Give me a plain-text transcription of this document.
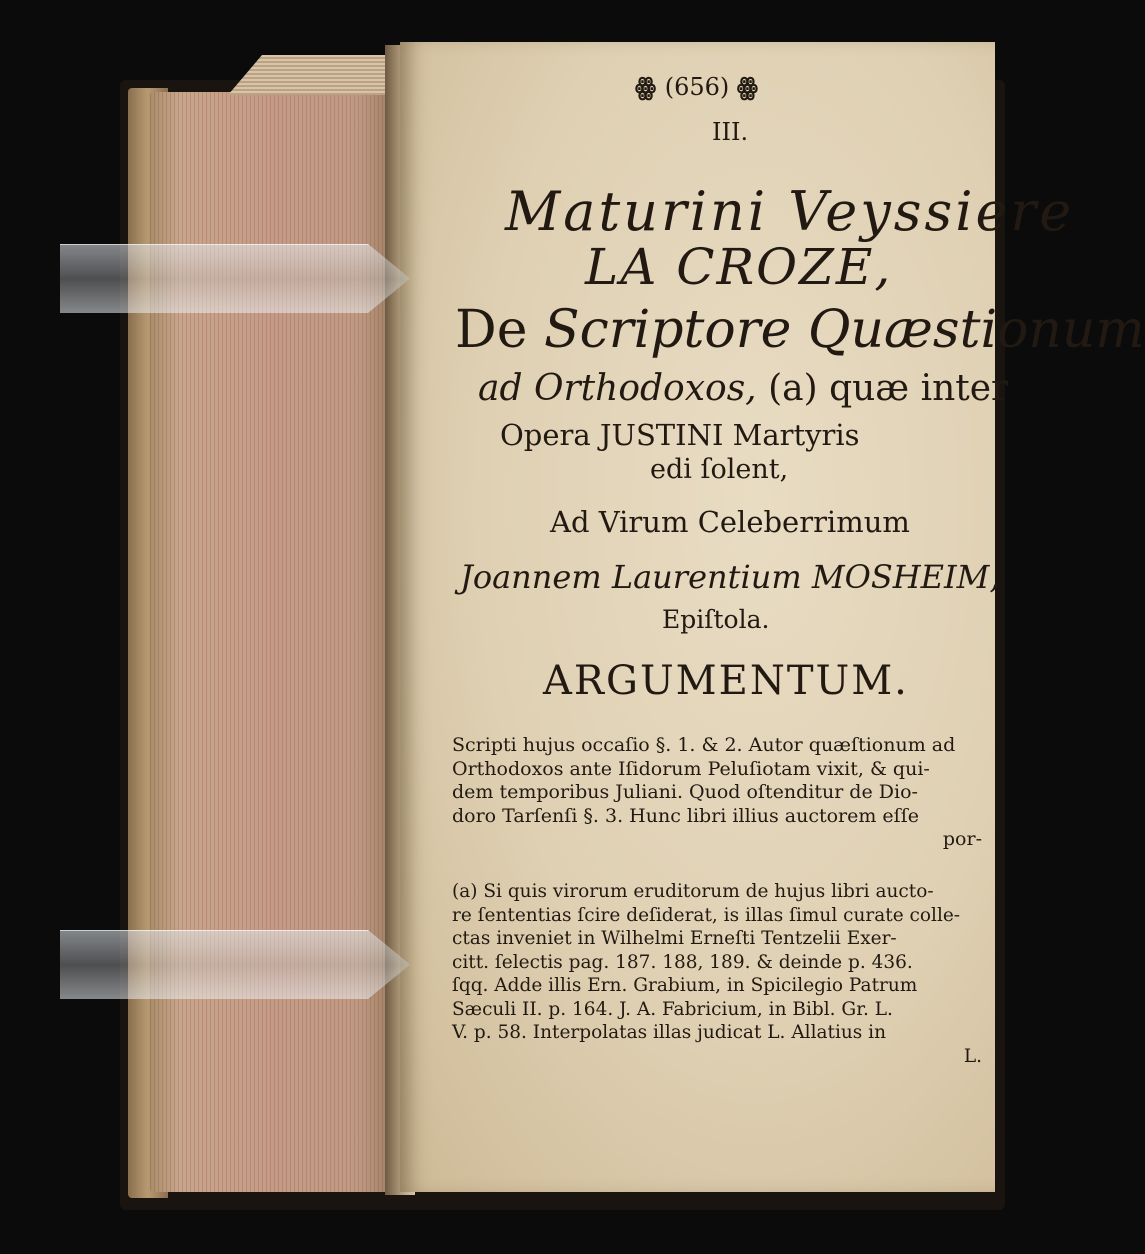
ꙮ (656) ꙮ
III.
Maturini Veyssiere
LA CROZE,
De Scriptore Quæstionum
ad Orthodoxos, (a) quæ inter
Opera JUSTINI Martyris
edi ſolent,
Ad Virum Celeberrimum
Joannem Laurentium MOSHEIM,
Epiſtola.
ARGUMENTUM.
Scripti hujus occaſio §. 1. & 2. Autor quæſtionum ad
Orthodoxos ante Iſidorum Peluſiotam vixit, & qui-
dem temporibus Juliani. Quod oſtenditur de Dio-
doro Tarſenſi §. 3. Hunc libri illius auctorem eſſe
por-
(a) Si quis virorum eruditorum de hujus libri aucto-
re ſententias ſcire deſiderat, is illas ſimul curate colle-
ctas inveniet in Wilhelmi Erneſti Tentzelii Exer-
citt. ſelectis pag. 187. 188, 189. & deinde p. 436.
ſqq. Adde illis Ern. Grabium, in Spicilegio Patrum
Sæculi II. p. 164. J. A. Fabricium, in Bibl. Gr. L.
V. p. 58. Interpolatas illas judicat L. Allatius in
L.
